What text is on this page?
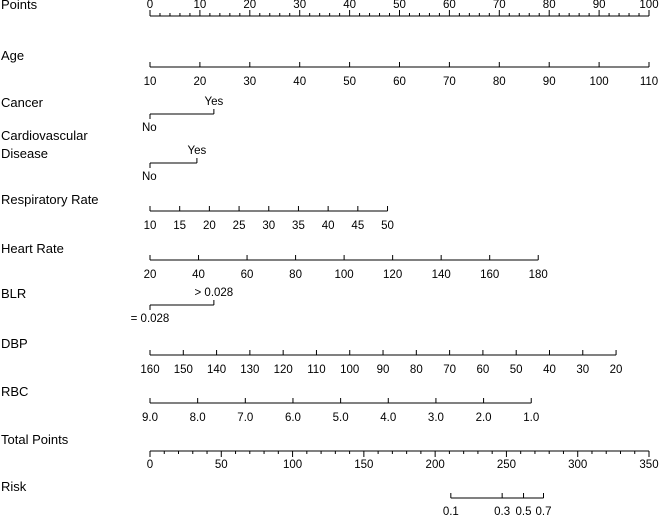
Points	0	10	20	30	40	50	60	70	80	90	100
Age
10	20	30	40	50	60	70	80	90	100	110
Cancer
No
Yes
Cardiovascular
Disease
No
Yes
Respiratory Rate
10 15 20 25 30 35 40 45 50
Heart Rate
20	40	60	80	100	120	140	160	180
BLR
= 0.028
> 0.028
DBP
160 150 140 130 120 110 100 90 80 70 60 50 40 30 20
RBC
9.0	8.0	7.0	6.0	5.0	4.0	3.0	2.0	1.0
Total Points
0	50	100	150	200	250	300	350
Risk
0.1	0.3 0.5 0.7
